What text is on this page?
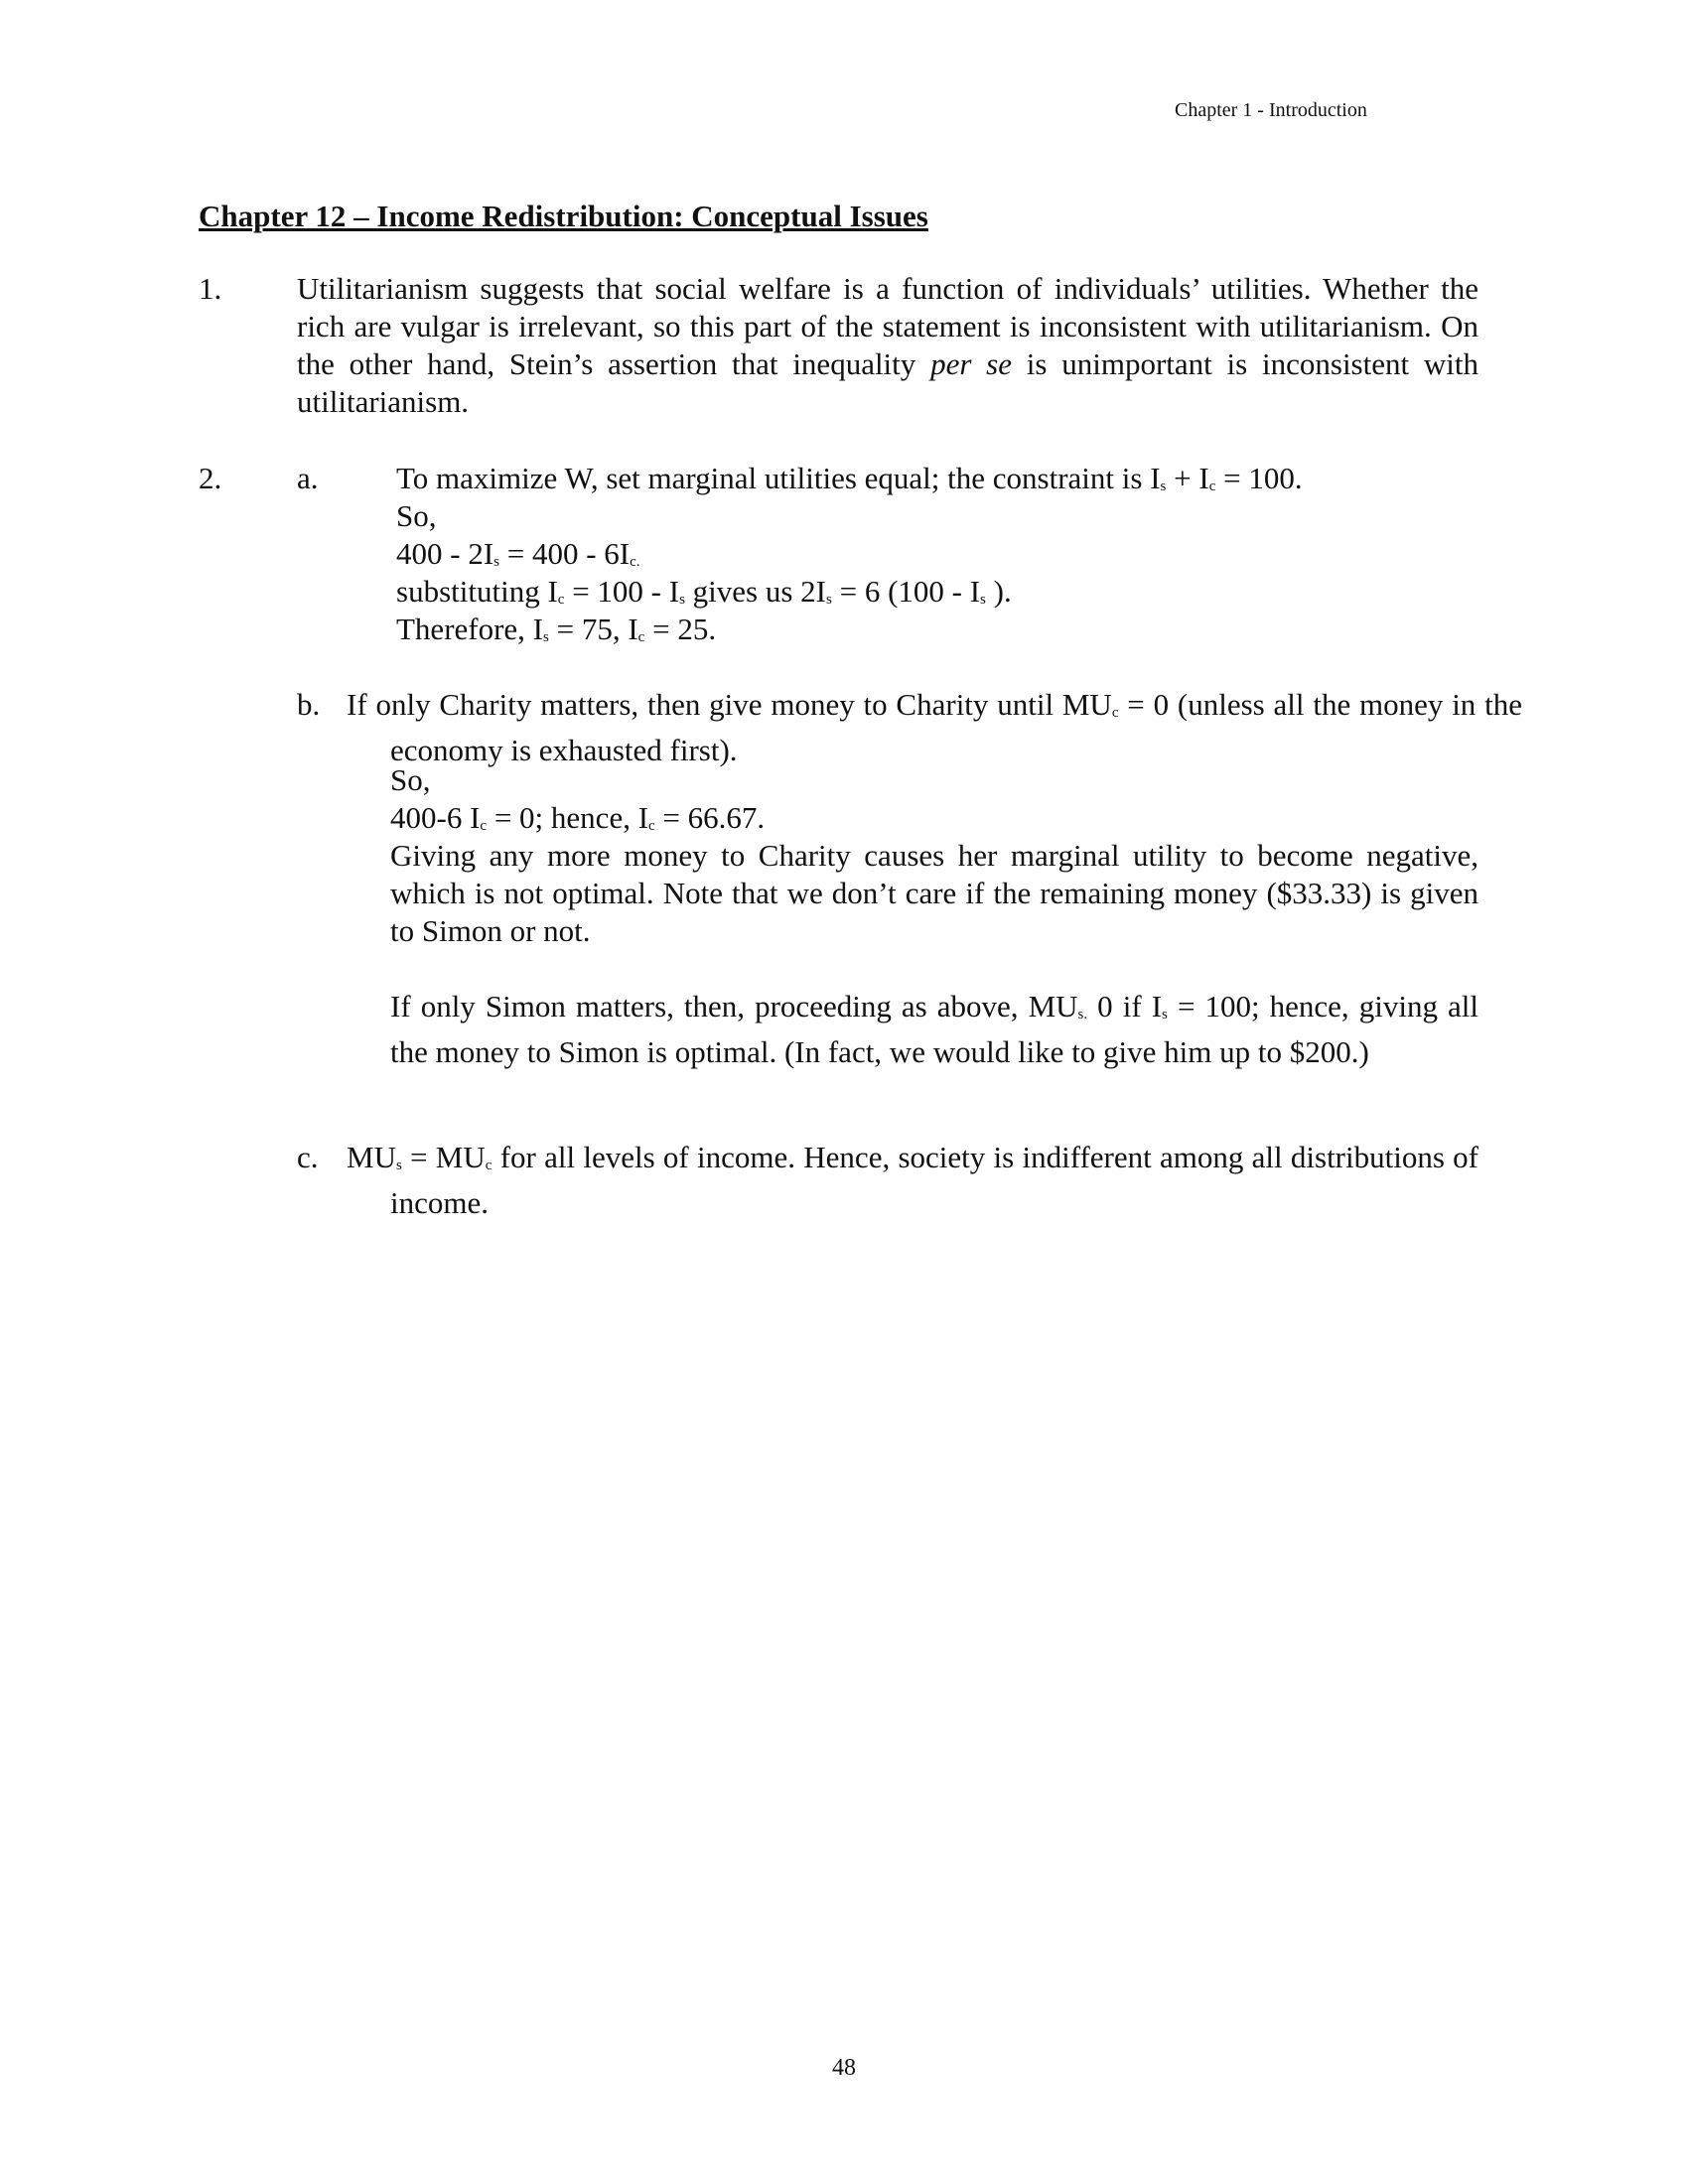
Chapter 1 - Introduction
Chapter 12 – Income Redistribution: Conceptual Issues
1. Utilitarianism suggests that social welfare is a function of individuals’ utilities. Whether the rich are vulgar is irrelevant, so this part of the statement is inconsistent with utilitarianism. On the other hand, Stein’s assertion that inequality per se is unimportant is inconsistent with utilitarianism.
2. a.	To maximize W, set marginal utilities equal; the constraint is $I_s + I_c = 100$.
So,
$400 - 2I_s = 400 - 6I_{c.}$
substituting $I_c = 100 - I_s$ gives us $2I_s = 6$ ($100 - I_s$ ).
Therefore, $I_s = 75$, $I_c = 25$.
b. If only Charity matters, then give money to Charity until $MU_c = 0$ (unless all the money in the economy is exhausted first).
So,
400-6 $I_c = 0$; hence, $I_c = 66.67$.
Giving any more money to Charity causes her marginal utility to become negative, which is not optimal. Note that we don’t care if the remaining money ($33.33) is given to Simon or not.
If only Simon matters, then, proceeding as above, $MU_{s.}$ 0 if $I_s = 100$; hence, giving all the money to Simon is optimal. (In fact, we would like to give him up to $200.)
c. $MU_s = MU_c$ for all levels of income. Hence, society is indifferent among all distributions of income.
48
